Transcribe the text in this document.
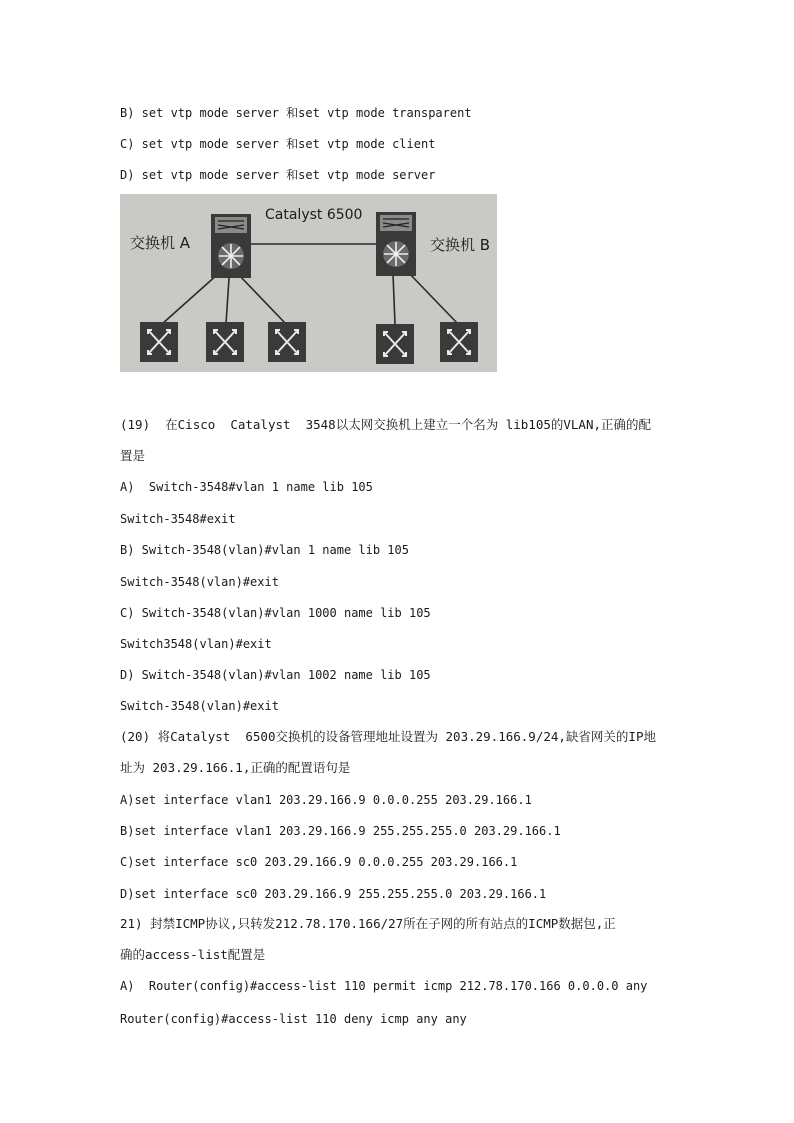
B) set vtp mode server 和set vtp mode transparent
C) set vtp mode server 和set vtp mode client
D) set vtp mode server 和set vtp mode server
Catalyst 6500
交换机 A	交换机 B
(19)  在Cisco  Catalyst  3548以太网交换机上建立一个名为 lib105的VLAN,正确的配
置是
A)  Switch-3548#vlan 1 name lib 105
Switch-3548#exit
B) Switch-3548(vlan)#vlan 1 name lib 105
Switch-3548(vlan)#exit
C) Switch-3548(vlan)#vlan 1000 name lib 105
Switch3548(vlan)#exit
D) Switch-3548(vlan)#vlan 1002 name lib 105
Switch-3548(vlan)#exit
(20) 将Catalyst  6500交换机的设备管理地址设置为 203.29.166.9/24,缺省网关的IP地
址为 203.29.166.1,正确的配置语句是
A)set interface vlan1 203.29.166.9 0.0.0.255 203.29.166.1
B)set interface vlan1 203.29.166.9 255.255.255.0 203.29.166.1
C)set interface sc0 203.29.166.9 0.0.0.255 203.29.166.1
D)set interface sc0 203.29.166.9 255.255.255.0 203.29.166.1
21) 封禁ICMP协议,只转发212.78.170.166/27所在子网的所有站点的ICMP数据包,正
确的access-list配置是
A)  Router(config)#access-list 110 permit icmp 212.78.170.166 0.0.0.0 any
Router(config)#access-list 110 deny icmp any any
